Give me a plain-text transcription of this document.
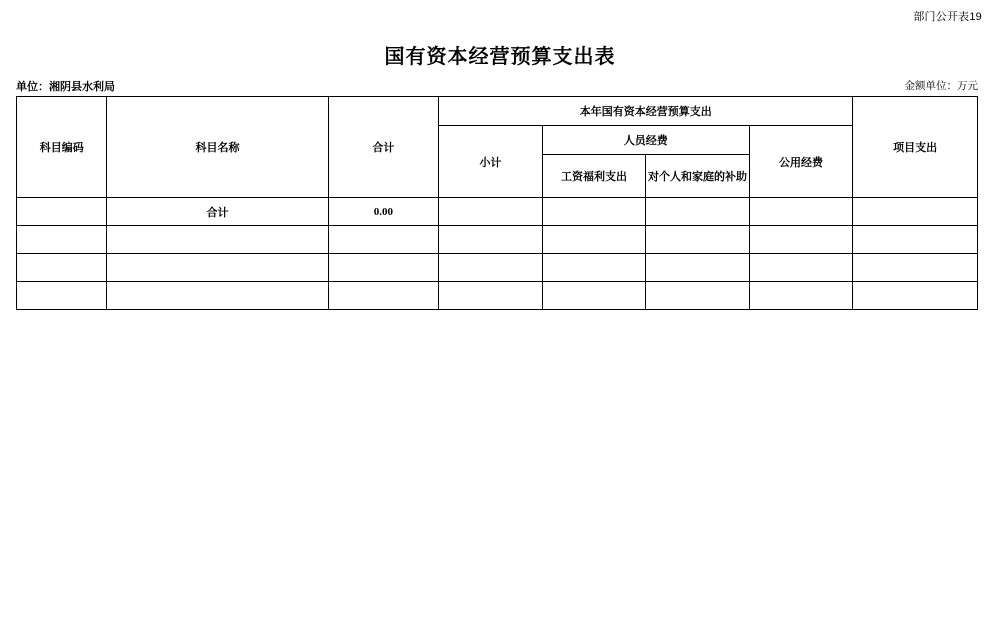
部门公开表19
国有资本经营预算支出表
单位：湘阴县水利局	金额单位：万元
科目编码	科目名称	合计	本年国有资本经营预算支出				项目支出
			小计	人员经费		公用经费	
				工资福利支出	对个人和家庭的补助		
	合计	0.00					
